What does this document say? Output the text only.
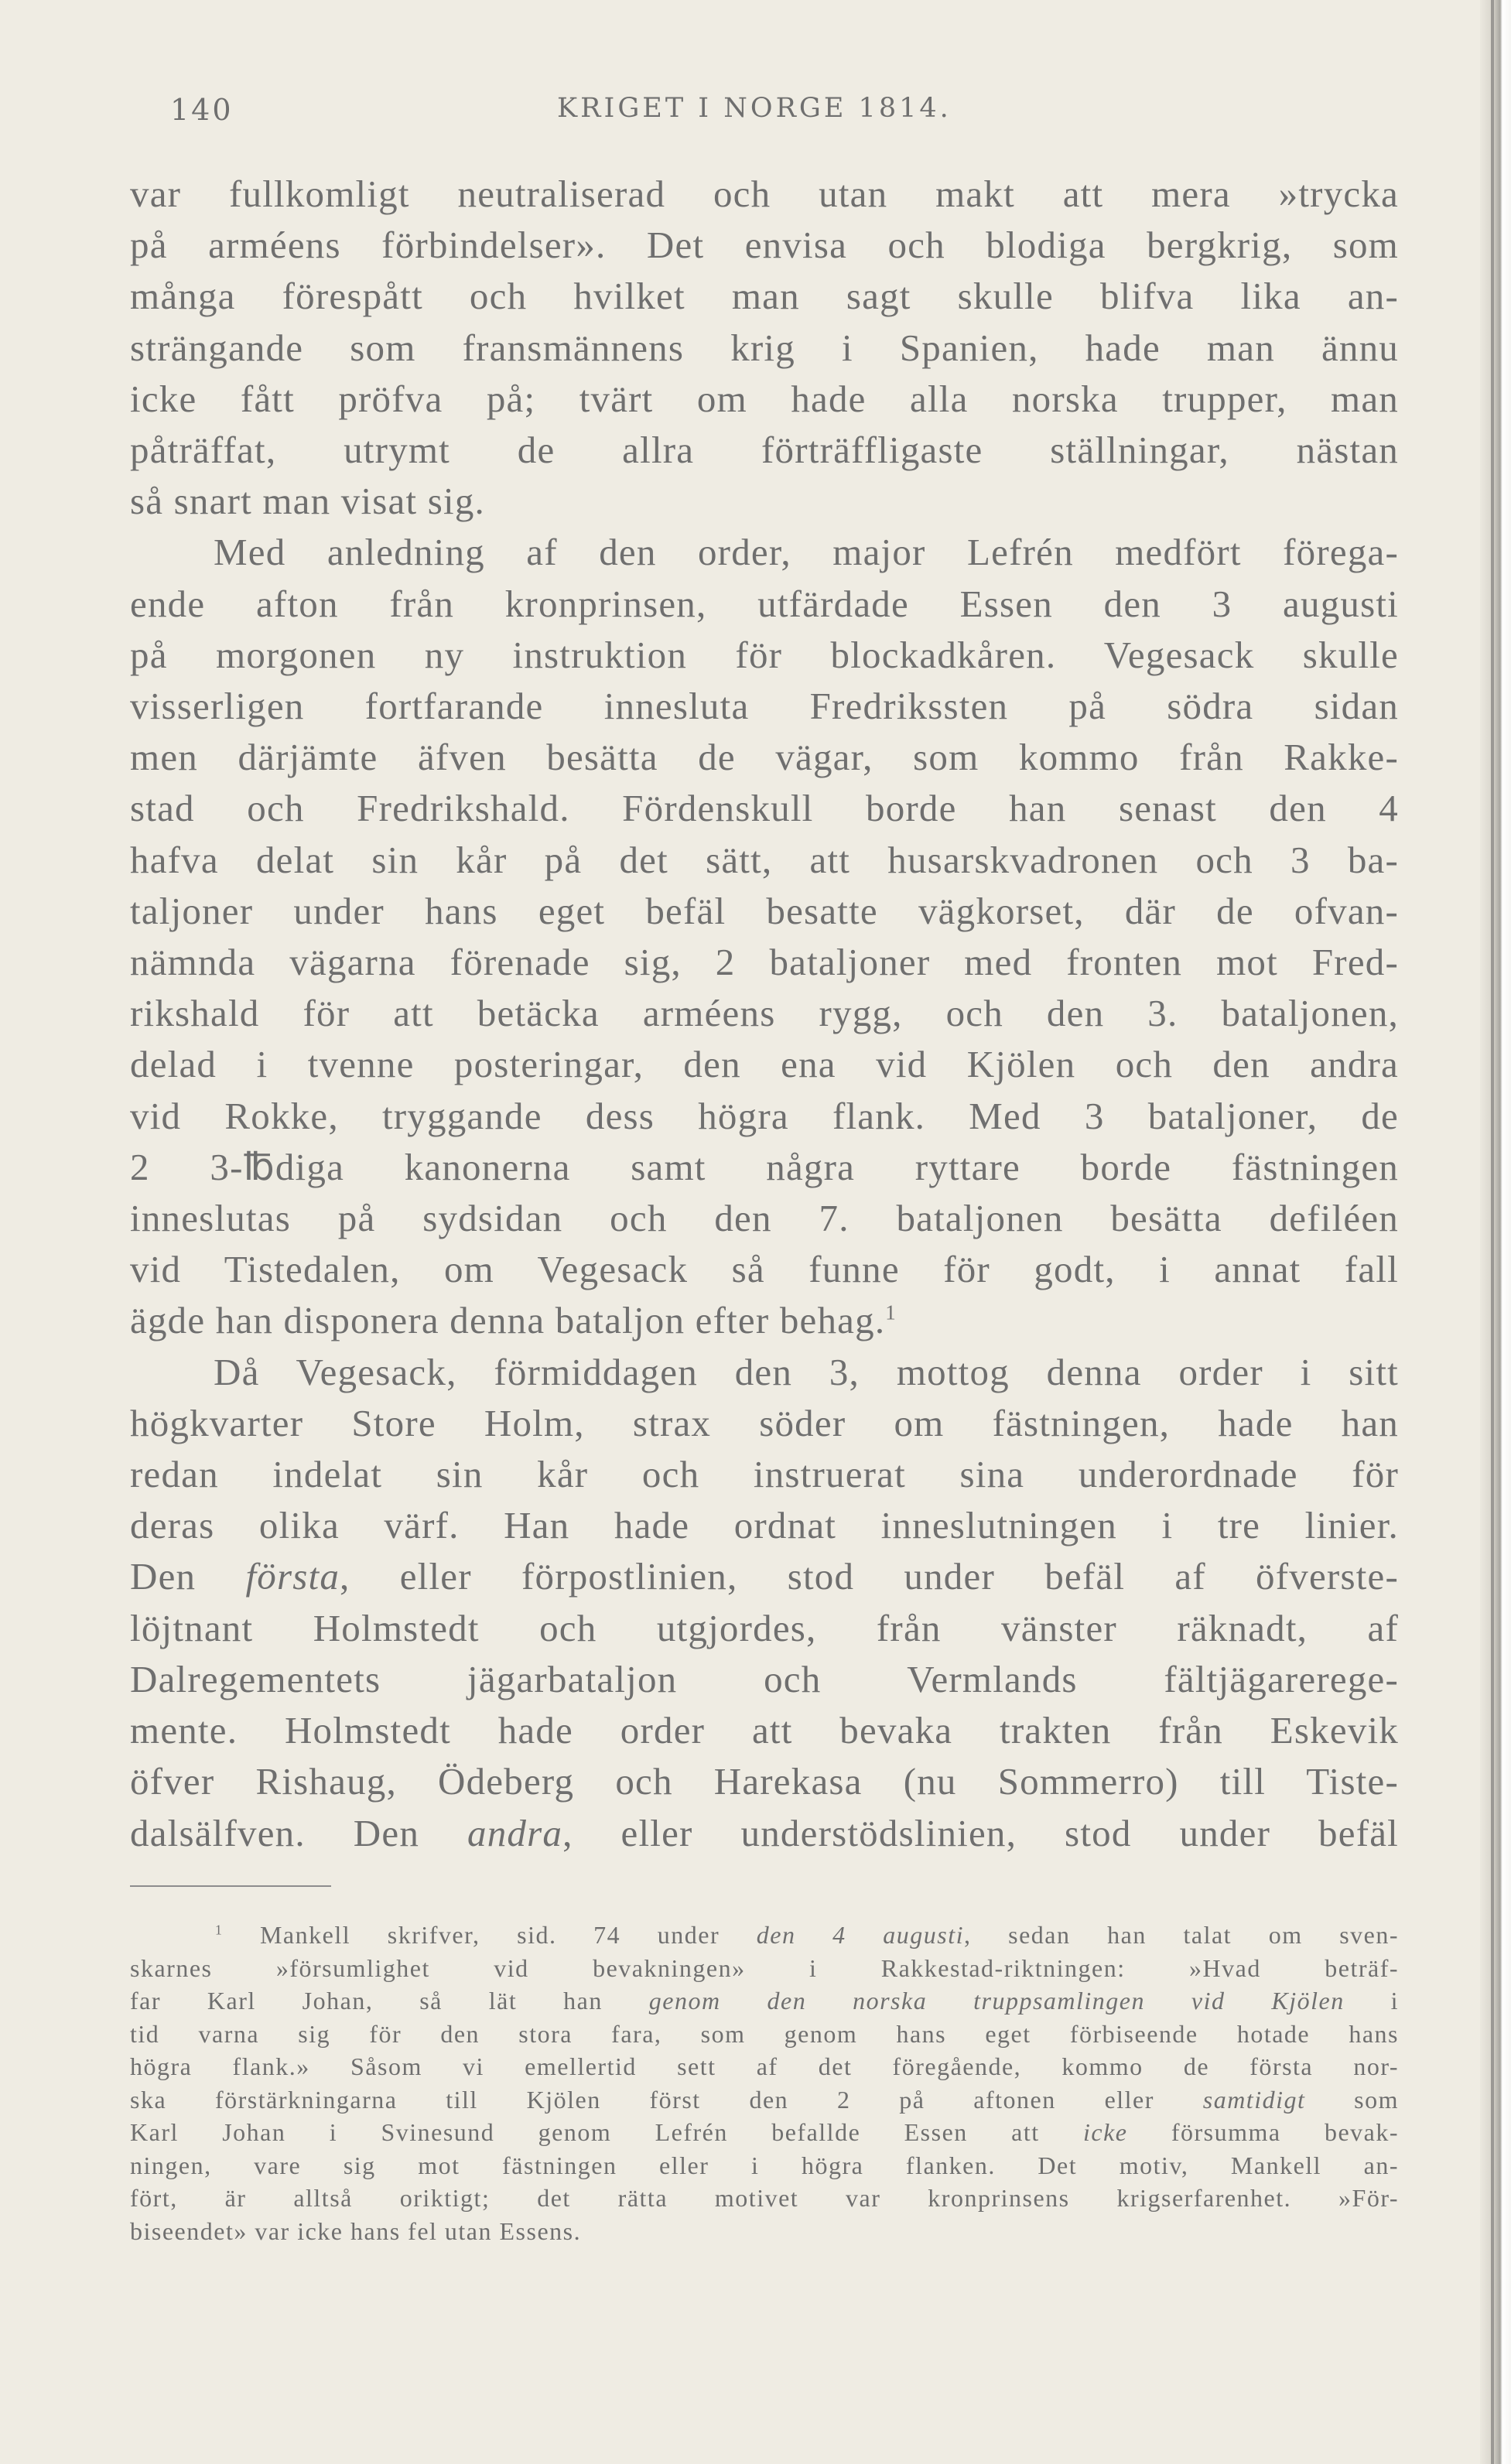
140	KRIGET I NORGE 1814.
var fullkomligt neutraliserad och utan makt att mera »trycka
på arméens förbindelser». Det envisa och blodiga bergkrig, som
många förespått och hvilket man sagt skulle blifva lika an-
strängande som fransmännens krig i Spanien, hade man ännu
icke fått pröfva på; tvärt om hade alla norska trupper, man
påträffat, utrymt de allra förträffligaste ställningar, nästan
så snart man visat sig.
Med anledning af den order, major Lefrén medfört förega-
ende afton från kronprinsen, utfärdade Essen den 3 augusti
på morgonen ny instruktion för blockadkåren. Vegesack skulle
visserligen fortfarande innesluta Fredrikssten på södra sidan
men därjämte äfven besätta de vägar, som kommo från Rakke-
stad och Fredrikshald. Fördenskull borde han senast den 4
hafva delat sin kår på det sätt, att husarskvadronen och 3 ba-
taljoner under hans eget befäl besatte vägkorset, där de ofvan-
nämnda vägarna förenade sig, 2 bataljoner med fronten mot Fred-
rikshald för att betäcka arméens rygg, och den 3. bataljonen,
delad i tvenne posteringar, den ena vid Kjölen och den andra
vid Rokke, tryggande dess högra flank. Med 3 bataljoner, de
2 3-℔diga kanonerna samt några ryttare borde fästningen
inneslutas på sydsidan och den 7. bataljonen besätta defiléen
vid Tistedalen, om Vegesack så funne för godt, i annat fall
ägde han disponera denna bataljon efter behag.$^1$
Då Vegesack, förmiddagen den 3, mottog denna order i sitt
högkvarter Store Holm, strax söder om fästningen, hade han
redan indelat sin kår och instruerat sina underordnade för
deras olika värf. Han hade ordnat inneslutningen i tre linier.
Den första, eller förpostlinien, stod under befäl af öfverste-
löjtnant Holmstedt och utgjordes, från vänster räknadt, af
Dalregementets jägarbataljon och Vermlands fältjägarerege-
mente. Holmstedt hade order att bevaka trakten från Eskevik
öfver Rishaug, Ödeberg och Harekasa (nu Sommerro) till Tiste-
dalsälfven. Den andra, eller understödslinien, stod under befäl
$^1$ Mankell skrifver, sid. 74 under den 4 augusti, sedan han talat om sven-
skarnes »försumlighet vid bevakningen» i Rakkestad-riktningen: »Hvad beträf-
far Karl Johan, så lät han genom den norska truppsamlingen vid Kjölen i
tid varna sig för den stora fara, som genom hans eget förbiseende hotade hans
högra flank.» Såsom vi emellertid sett af det föregående, kommo de första nor-
ska förstärkningarna till Kjölen först den 2 på aftonen eller samtidigt som
Karl Johan i Svinesund genom Lefrén befallde Essen att icke försumma bevak-
ningen, vare sig mot fästningen eller i högra flanken. Det motiv, Mankell an-
fört, är alltså oriktigt; det rätta motivet var kronprinsens krigserfarenhet. »För-
biseendet» var icke hans fel utan Essens.
